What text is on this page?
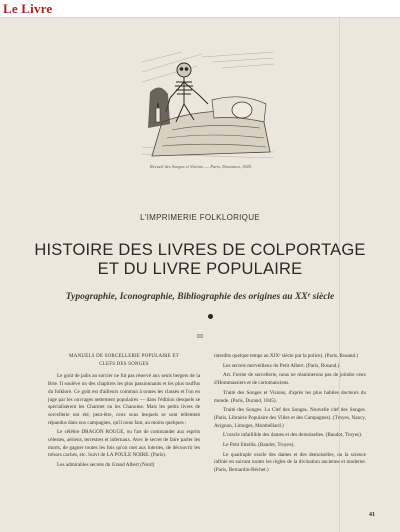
Le Livre
Recueil des Songes et Visions. — Paris, Duranton, 1845.
L'IMPRIMERIE FOLKLORIQUE
HISTOIRE DES LIVRES DE COLPORTAGE
ET DU LIVRE POPULAIRE
Typographie, Iconographie, Bibliographie des origines au XXᵉ siècle
III

MANUELS DE SORCELLERIE POPULAIRE ET
CLEFS DES SONGES

Le goût de jadis au sorcier ne fut pas réservé aux seuls bergers de la Brie. Il soulève un des chapitres les plus passionnants et les plus touffus du folklore. Ce goût est d'ailleurs commun à toutes les classes et l'on en juge par les ouvrages nettement populaires — dans l'édition desquels se spécialisèrent les Charmet ou les Chanoine. Mais les petits livres de sorcellerie ont été, peut-être, ceux sous lesquels se sont tellement répandus dans nos campagnes, qu'il nous faut, au moins quelques :

Le célèbre DRAGON ROUGE, ou l'art de commander aux esprits célestes, aériens, terrestres et infernaux. Avec le secret de faire parler les morts, de gagner toutes les fois qu'on met aux loteries, de découvrir les trésors cachés, etc. Suivi de LA POULE NOIRE. (Paris).

Les admirables secrets du Grand Albert (Nord)

interdits quelque temps au XIXᵉ siècle par la police). (Paris, Rusand.)

Les secrets merveilleux du Petit Albert. (Paris, Rusand.)

Art. Forme de sorcellerie, nous ne réanimerons pas de joindre ceux d'Hommassiers et de cartomanciens.

Traité des Songes et Visions, d'après les plus habiles docteurs du monde. (Paris, Durand, 1845).

Traité des Songes. La Clef des Songes. Nouvelle clef des Songes. (Paris, Librairie Populaire des Villes et des Campagnes). (Troyes, Nancy, Avignon, Limoges, Montbéliard.)

L'oracle infaillible des dames et des demoiselles. (Baudot, Troyes).

Le Petit Etteilla. (Baudot, Troyes).

Le quadruple oracle des dames et des demoiselles, ou la science infinie en suivant toutes les règles de la divination ancienne et moderne. (Paris, Bernardin-Béchet.)

41
